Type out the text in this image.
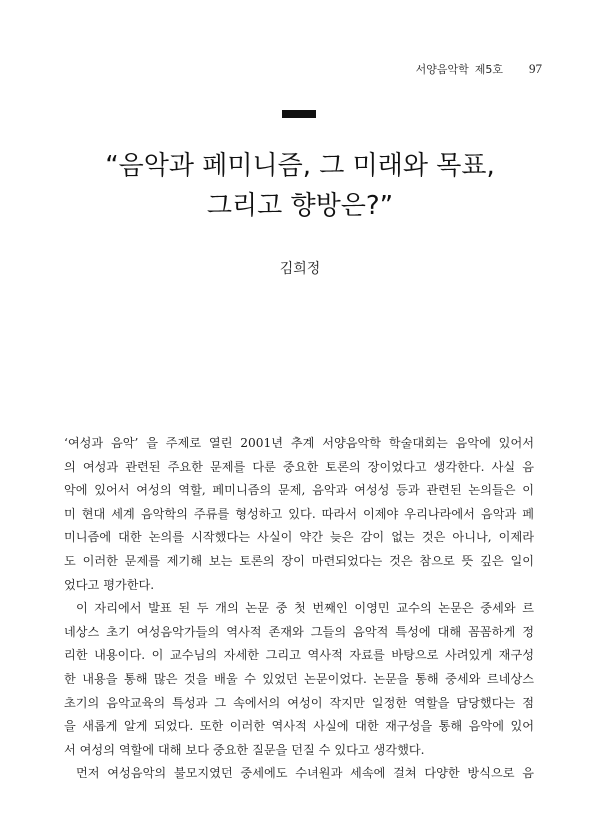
서양음악학 제5호 97
“음악과 페미니즘, 그 미래와 목표,
그리고 향방은?”
김희정
‘여성과 음악’ 을 주제로 열린 2001년 추계 서양음악학 학술대회는 음악에 있어서
의 여성과 관련된 주요한 문제를 다룬 중요한 토론의 장이었다고 생각한다. 사실 음
악에 있어서 여성의 역할, 페미니즘의 문제, 음악과 여성성 등과 관련된 논의들은 이
미 현대 세계 음악학의 주류를 형성하고 있다. 따라서 이제야 우리나라에서 음악과 페
미니즘에 대한 논의를 시작했다는 사실이 약간 늦은 감이 없는 것은 아니나, 이제라
도 이러한 문제를 제기해 보는 토론의 장이 마련되었다는 것은 참으로 뜻 깊은 일이
었다고 평가한다.
이 자리에서 발표 된 두 개의 논문 중 첫 번째인 이영민 교수의 논문은 중세와 르
네상스 초기 여성음악가들의 역사적 존재와 그들의 음악적 특성에 대해 꼼꼼하게 정
리한 내용이다. 이 교수님의 자세한 그리고 역사적 자료를 바탕으로 사려있게 재구성
한 내용을 통해 많은 것을 배울 수 있었던 논문이었다. 논문을 통해 중세와 르네상스
초기의 음악교육의 특성과 그 속에서의 여성이 작지만 일정한 역할을 담당했다는 점
을 새롭게 알게 되었다. 또한 이러한 역사적 사실에 대한 재구성을 통해 음악에 있어
서 여성의 역할에 대해 보다 중요한 질문을 던질 수 있다고 생각했다.
먼저 여성음악의 불모지였던 중세에도 수녀원과 세속에 걸쳐 다양한 방식으로 음
